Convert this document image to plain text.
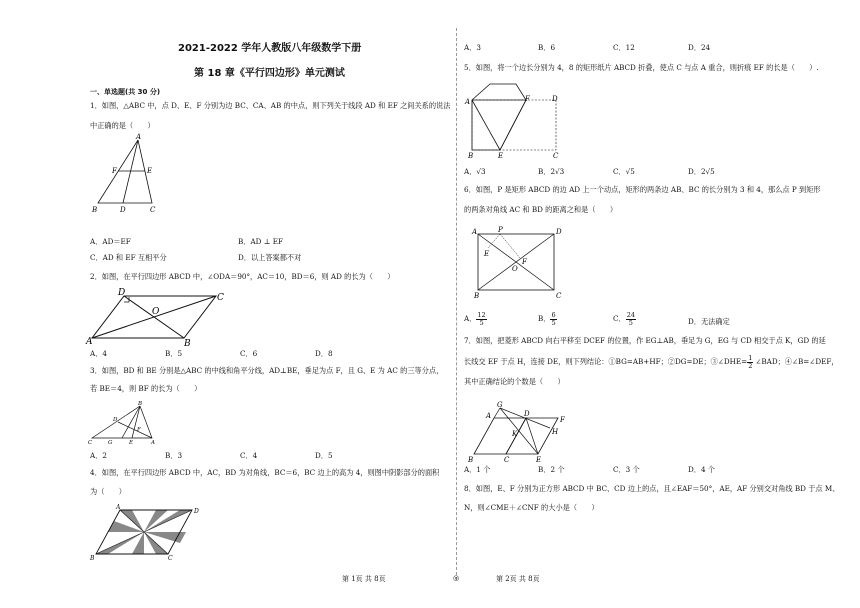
2021-2022 学年人教版八年级数学下册
第 18 章《平行四边形》单元测试
一、单选题(共 30 分)
1．如图，△ABC 中，点 D、E、F 分别为边 BC、CA、AB 的中点，则下列关于线段 AD 和 EF 之间关系的说法
中正确的是（　　）
A
F	E
B	D	C
A．AD＝EF	B．AD ⊥ EF
C．AD 和 EF 互相平分	D．以上答案都不对
2．如图，在平行四边形 ABCD 中，∠ODA＝90°，AC＝10，BD＝6，则 AD 的长为（　　）
D	C
O
A	B
A．4	B．5	C．6	D．8
3．如图，BD 和 BE 分别是△ABC 的中线和角平分线，AD⊥BE，垂足为点 F，且 G、E 为 AC 的三等分点，
若 BE＝4，则 BF 的长为（　　）
B
D
F
C	G	E	A
A．2	B．3	C．4	D．5
4．如图，在平行四边形 ABCD 中，AC，BD 为对角线，BC＝6，BC 边上的高为 4，则图中阴影部分的面积
为（　　）
A
D
B	C
A．3	B．6	C．12	D．24
5．如图，将一个边长分别为 4，8 的矩形纸片 ABCD 折叠，使点 C 与点 A 重合，则折痕 EF 的长是（　　）.
A	F	D
B	E	C
A．√3	B．2√3	C．√5	D．2√5
6．如图，P 是矩形 ABCD 的边 AD 上一个动点，矩形的两条边 AB、BC 的长分别为 3 和 4，那么点 P 到矩形
的两条对角线 AC 和 BD 的距离之和是（　　）
A	P	D
E
O
F
B	C
A． $\frac{12}{5}$	B． $\frac{6}{5}$	C． $\frac{24}{5}$	D．无法确定
7．如图，把菱形 ABCD 向右平移至 DCEF 的位置，作 EG⊥AB，垂足为 G，EG 与 CD 相交于点 K，GD 的延
长线交 EF 于点 H，连接 DE，则下列结论：①BG=AB+HF；②DG=DE；③∠DHE= $\frac{1}{2}$ ∠BAD；④∠B=∠DEF，
其中正确结论的个数是（　　）
A
G
D
F
H
K
B	C	E
A．1 个	B．2 个	C．3 个	D．4 个
8．如图，E、F 分别为正方形 ABCD 中 BC、CD 边上的点，且∠EAF＝50°，AE，AF 分别交对角线 BD 于点 M、
N，则∠CME＋∠CNF 的大小是（　　）
第 1页 共 8页	◎	第 2页 共 8页
